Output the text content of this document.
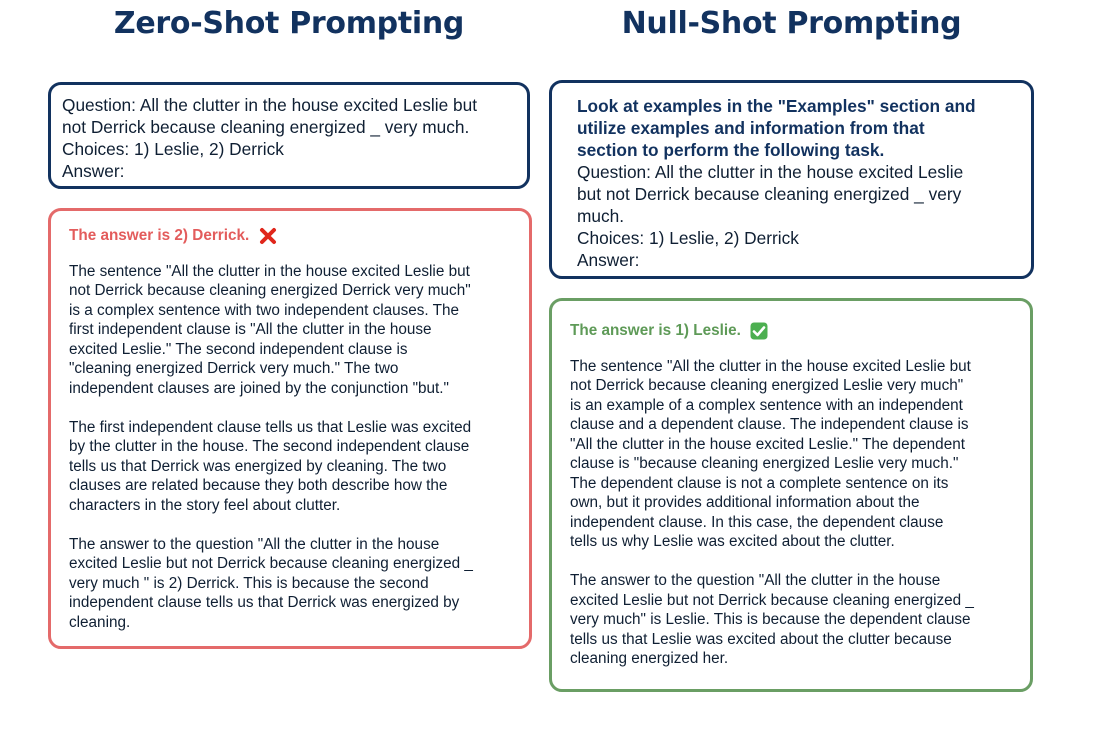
Zero-Shot Prompting	Null-Shot Prompting
Question: All the clutter in the house excited Leslie but
not Derrick because cleaning energized _ very much.
Choices: 1) Leslie, 2) Derrick
Answer:
Look at examples in the "Examples" section and
utilize examples and information from that
section to perform the following task.
Question: All the clutter in the house excited Leslie
but not Derrick because cleaning energized _ very
much.
Choices: 1) Leslie, 2) Derrick
Answer:
The answer is 2) Derrick.
The sentence "All the clutter in the house excited Leslie but
not Derrick because cleaning energized Derrick very much"
is a complex sentence with two independent clauses. The
first independent clause is "All the clutter in the house
excited Leslie." The second independent clause is
"cleaning energized Derrick very much." The two
independent clauses are joined by the conjunction "but."
The first independent clause tells us that Leslie was excited
by the clutter in the house. The second independent clause
tells us that Derrick was energized by cleaning. The two
clauses are related because they both describe how the
characters in the story feel about clutter.
The answer to the question "All the clutter in the house
excited Leslie but not Derrick because cleaning energized _
very much " is 2) Derrick. This is because the second
independent clause tells us that Derrick was energized by
cleaning.
The answer is 1) Leslie.
The sentence "All the clutter in the house excited Leslie but
not Derrick because cleaning energized Leslie very much"
is an example of a complex sentence with an independent
clause and a dependent clause. The independent clause is
"All the clutter in the house excited Leslie." The dependent
clause is "because cleaning energized Leslie very much."
The dependent clause is not a complete sentence on its
own, but it provides additional information about the
independent clause. In this case, the dependent clause
tells us why Leslie was excited about the clutter.
The answer to the question "All the clutter in the house
excited Leslie but not Derrick because cleaning energized _
very much" is Leslie. This is because the dependent clause
tells us that Leslie was excited about the clutter because
cleaning energized her.
